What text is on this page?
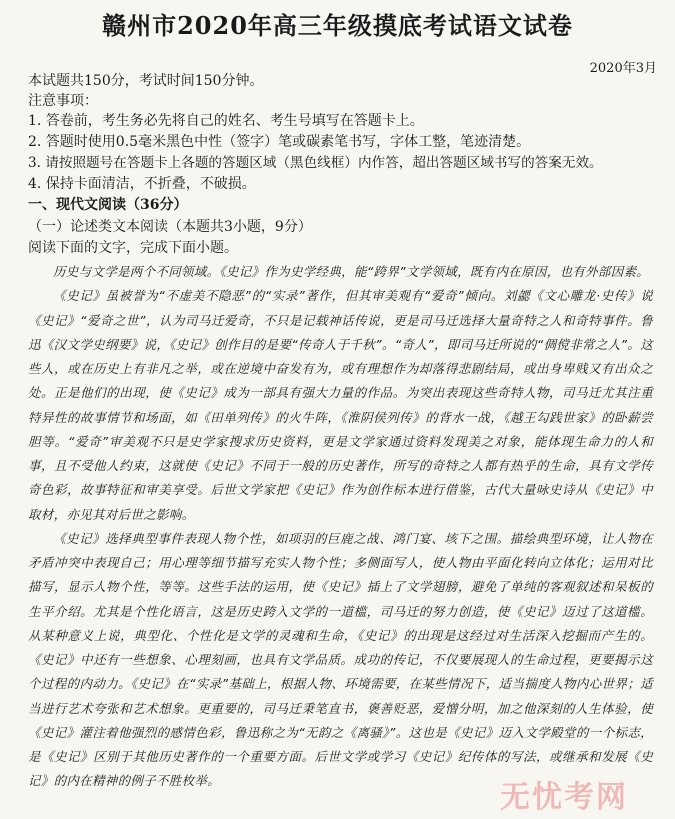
赣州市2020年高三年级摸底考试语文试卷
2020年3月
本试题共150分，考试时间150分钟。
注意事项：
1. 答卷前，考生务必先将自己的姓名、考生号填写在答题卡上。
2. 答题时使用0.5毫米黑色中性（签字）笔或碳素笔书写，字体工整，笔迹清楚。
3. 请按照题号在答题卡上各题的答题区域（黑色线框）内作答，超出答题区域书写的答案无效。
4. 保持卡面清洁，不折叠，不破损。
一、现代文阅读（36分）
（一）论述类文本阅读（本题共3小题，9分）
阅读下面的文字，完成下面小题。

历史与文学是两个不同领域。《史记》作为史学经典，能“跨界”文学领域，既有内在原因，也有外部因素。

《史记》虽被誉为“不虚美不隐恶”的“实录”著作，但其审美观有“爱奇”倾向。刘勰《文心雕龙·史传》说《史记》“爱奇之世”，认为司马迁爱奇，不只是记载神话传说，更是司马迁选择大量奇特之人和奇特事件。鲁迅《汉文学史纲要》说，《史记》创作目的是要“传奇人于千秋”。“奇人”，即司马迁所说的“倜傥非常之人”。这些人，或在历史上有非凡之举，或在逆境中奋发有为，或有理想作为却落得悲剧结局，或出身卑贱又有出众之处。正是他们的出现，使《史记》成为一部具有强大力量的作品。为突出表现这些奇特人物，司马迁尤其注重特异性的故事情节和场面，如《田单列传》的火牛阵，《淮阴侯列传》的背水一战，《越王勾践世家》的卧薪尝胆等。“爱奇”审美观不只是史学家搜求历史资料，更是文学家通过资料发现美之对象，能体现生命力的人和事，且不受他人约束，这就使《史记》不同于一般的历史著作，所写的奇特之人都有热乎的生命，具有文学传奇色彩，故事特征和审美享受。后世文学家把《史记》作为创作标本进行借鉴，古代大量咏史诗从《史记》中取材，亦见其对后世之影响。

《史记》选择典型事件表现人物个性，如项羽的巨鹿之战、鸿门宴、垓下之围。描绘典型环境，让人物在矛盾冲突中表现自己；用心理等细节描写充实人物个性；多侧面写人，使人物由平面化转向立体化；运用对比描写，显示人物个性，等等。这些手法的运用，使《史记》插上了文学翅膀，避免了单纯的客观叙述和呆板的生平介绍。尤其是个性化语言，这是历史跨入文学的一道槛，司马迁的努力创造，使《史记》迈过了这道槛。从某种意义上说，典型化、个性化是文学的灵魂和生命，《史记》的出现是这经过对生活深入挖掘而产生的。《史记》中还有一些想象、心理刻画，也具有文学品质。成功的传记，不仅要展现人的生命过程，更要揭示这个过程的内动力。《史记》在“实录”基础上，根据人物、环境需要，在某些情况下，适当揣度人物内心世界；适当进行艺术夸张和艺术想象。更重要的，司马迁秉笔直书，褒善贬恶，爱憎分明，加之他深刻的人生体验，使《史记》灌注着他强烈的感情色彩，鲁迅称之为“无韵之《离骚》”。这也是《史记》迈入文学殿堂的一个标志，是《史记》区别于其他历史著作的一个重要方面。后世文学或学习《史记》纪传体的写法，或继承和发展《史记》的内在精神的例子不胜枚举。	无忧考网
